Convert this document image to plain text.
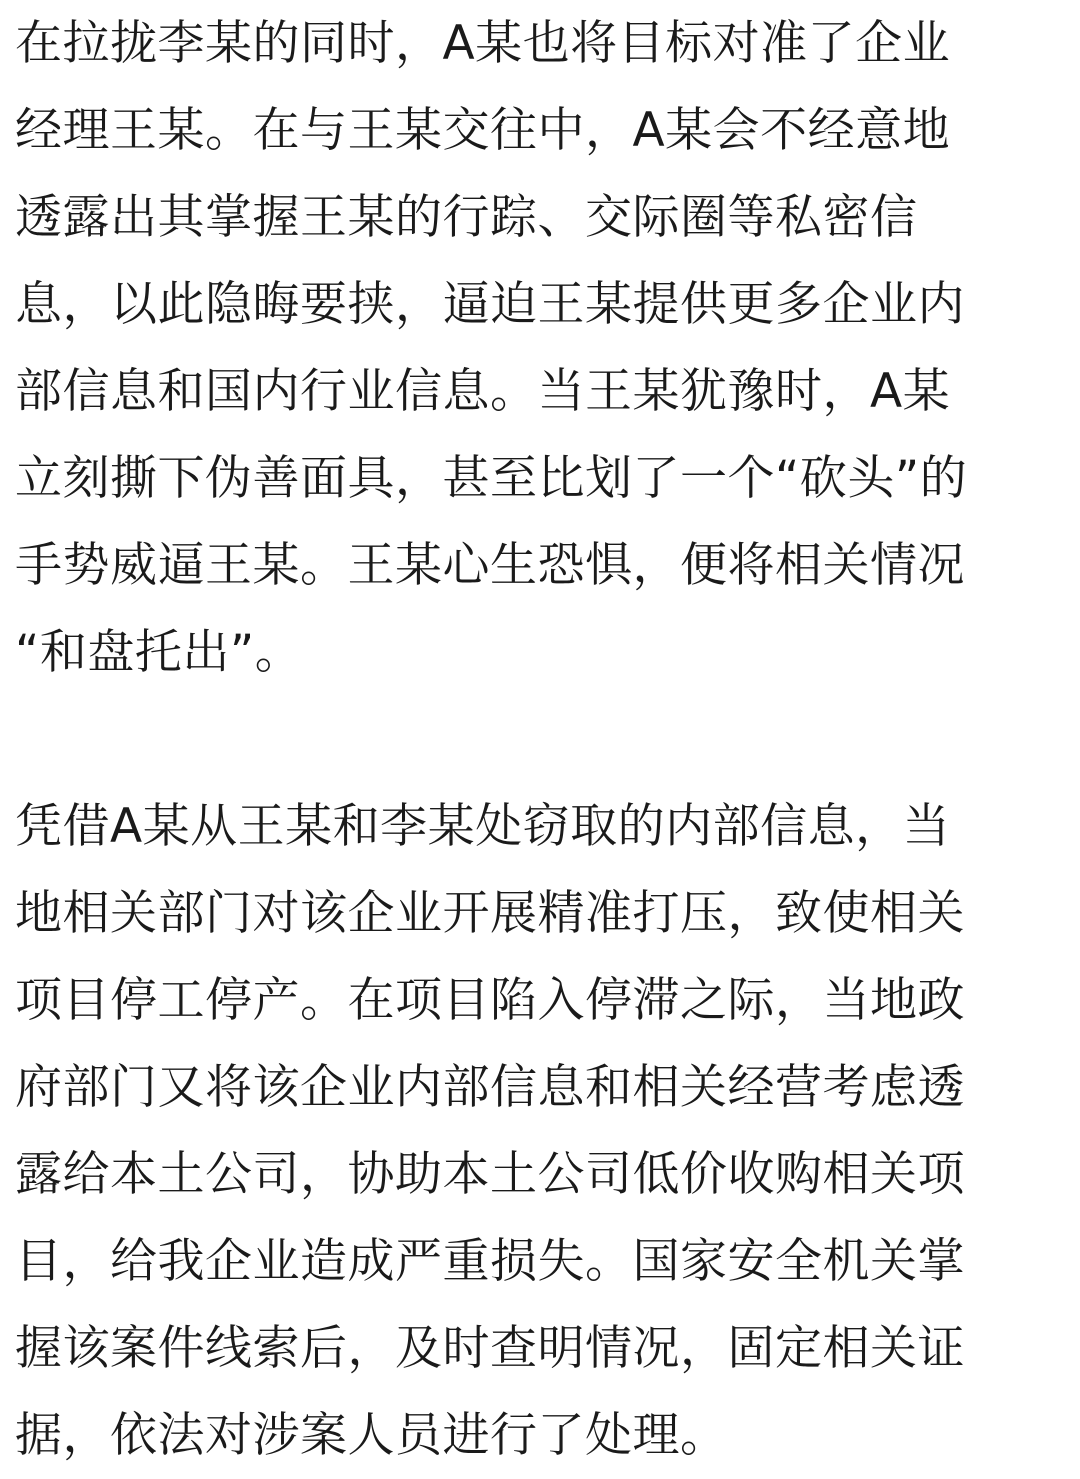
在拉拢李某的同时，A某也将目标对准了企业
经理王某。在与王某交往中，A某会不经意地
透露出其掌握王某的行踪、交际圈等私密信
息，以此隐晦要挟，逼迫王某提供更多企业内
部信息和国内行业信息。当王某犹豫时，A某
立刻撕下伪善面具，甚至比划了一个“砍头”的
手势威逼王某。王某心生恐惧，便将相关情况
“和盘托出”。
凭借A某从王某和李某处窃取的内部信息，当
地相关部门对该企业开展精准打压，致使相关
项目停工停产。在项目陷入停滞之际，当地政
府部门又将该企业内部信息和相关经营考虑透
露给本土公司，协助本土公司低价收购相关项
目，给我企业造成严重损失。国家安全机关掌
握该案件线索后，及时查明情况，固定相关证
据，依法对涉案人员进行了处理。
